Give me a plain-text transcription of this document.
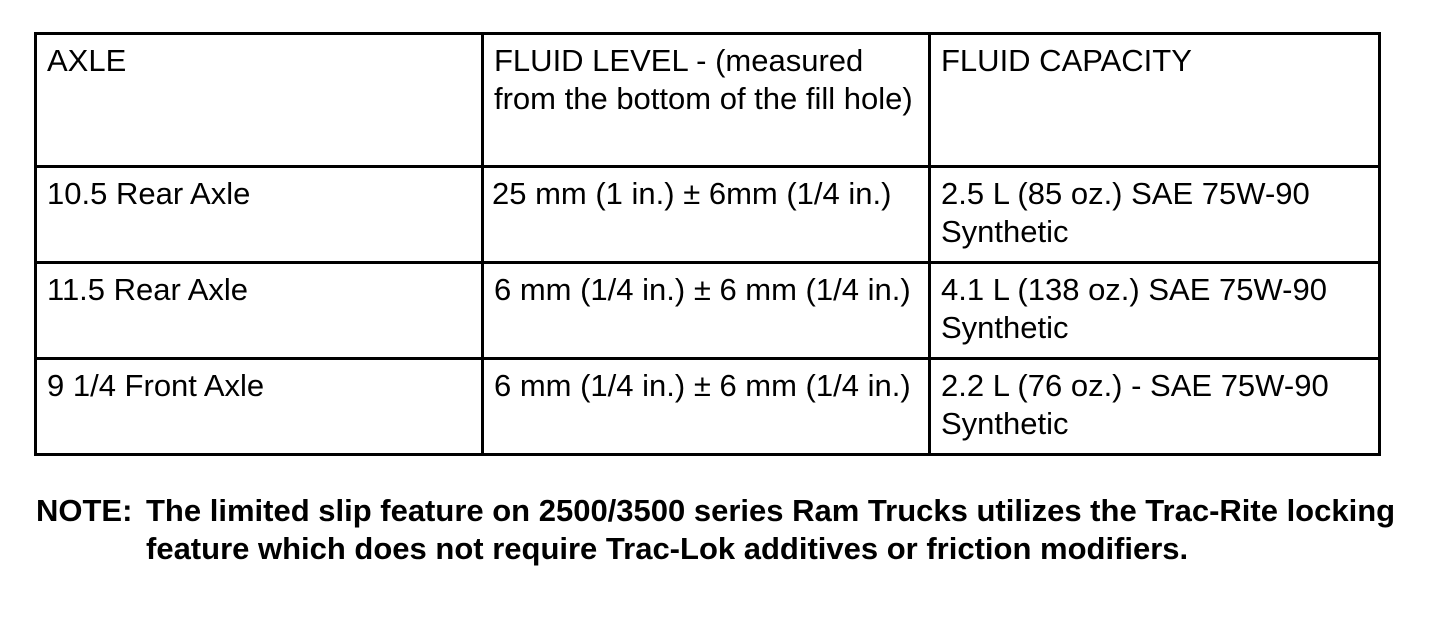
AXLE	FLUID LEVEL - (measured from the bottom of the fill hole)	FLUID CAPACITY
10.5 Rear Axle	25 mm (1 in.) ± 6mm (1/4 in.)	2.5 L (85 oz.) SAE 75W-90 Synthetic
11.5 Rear Axle	6 mm (1/4 in.) ± 6 mm (1/4 in.)	4.1 L (138 oz.) SAE 75W-90 Synthetic
9 1/4 Front Axle	6 mm (1/4 in.) ± 6 mm (1/4 in.)	2.2 L (76 oz.) - SAE 75W-90 Synthetic
NOTE: The limited slip feature on 2500/3500 series Ram Trucks utilizes the Trac-Rite locking feature which does not require Trac-Lok additives or friction modifiers.
